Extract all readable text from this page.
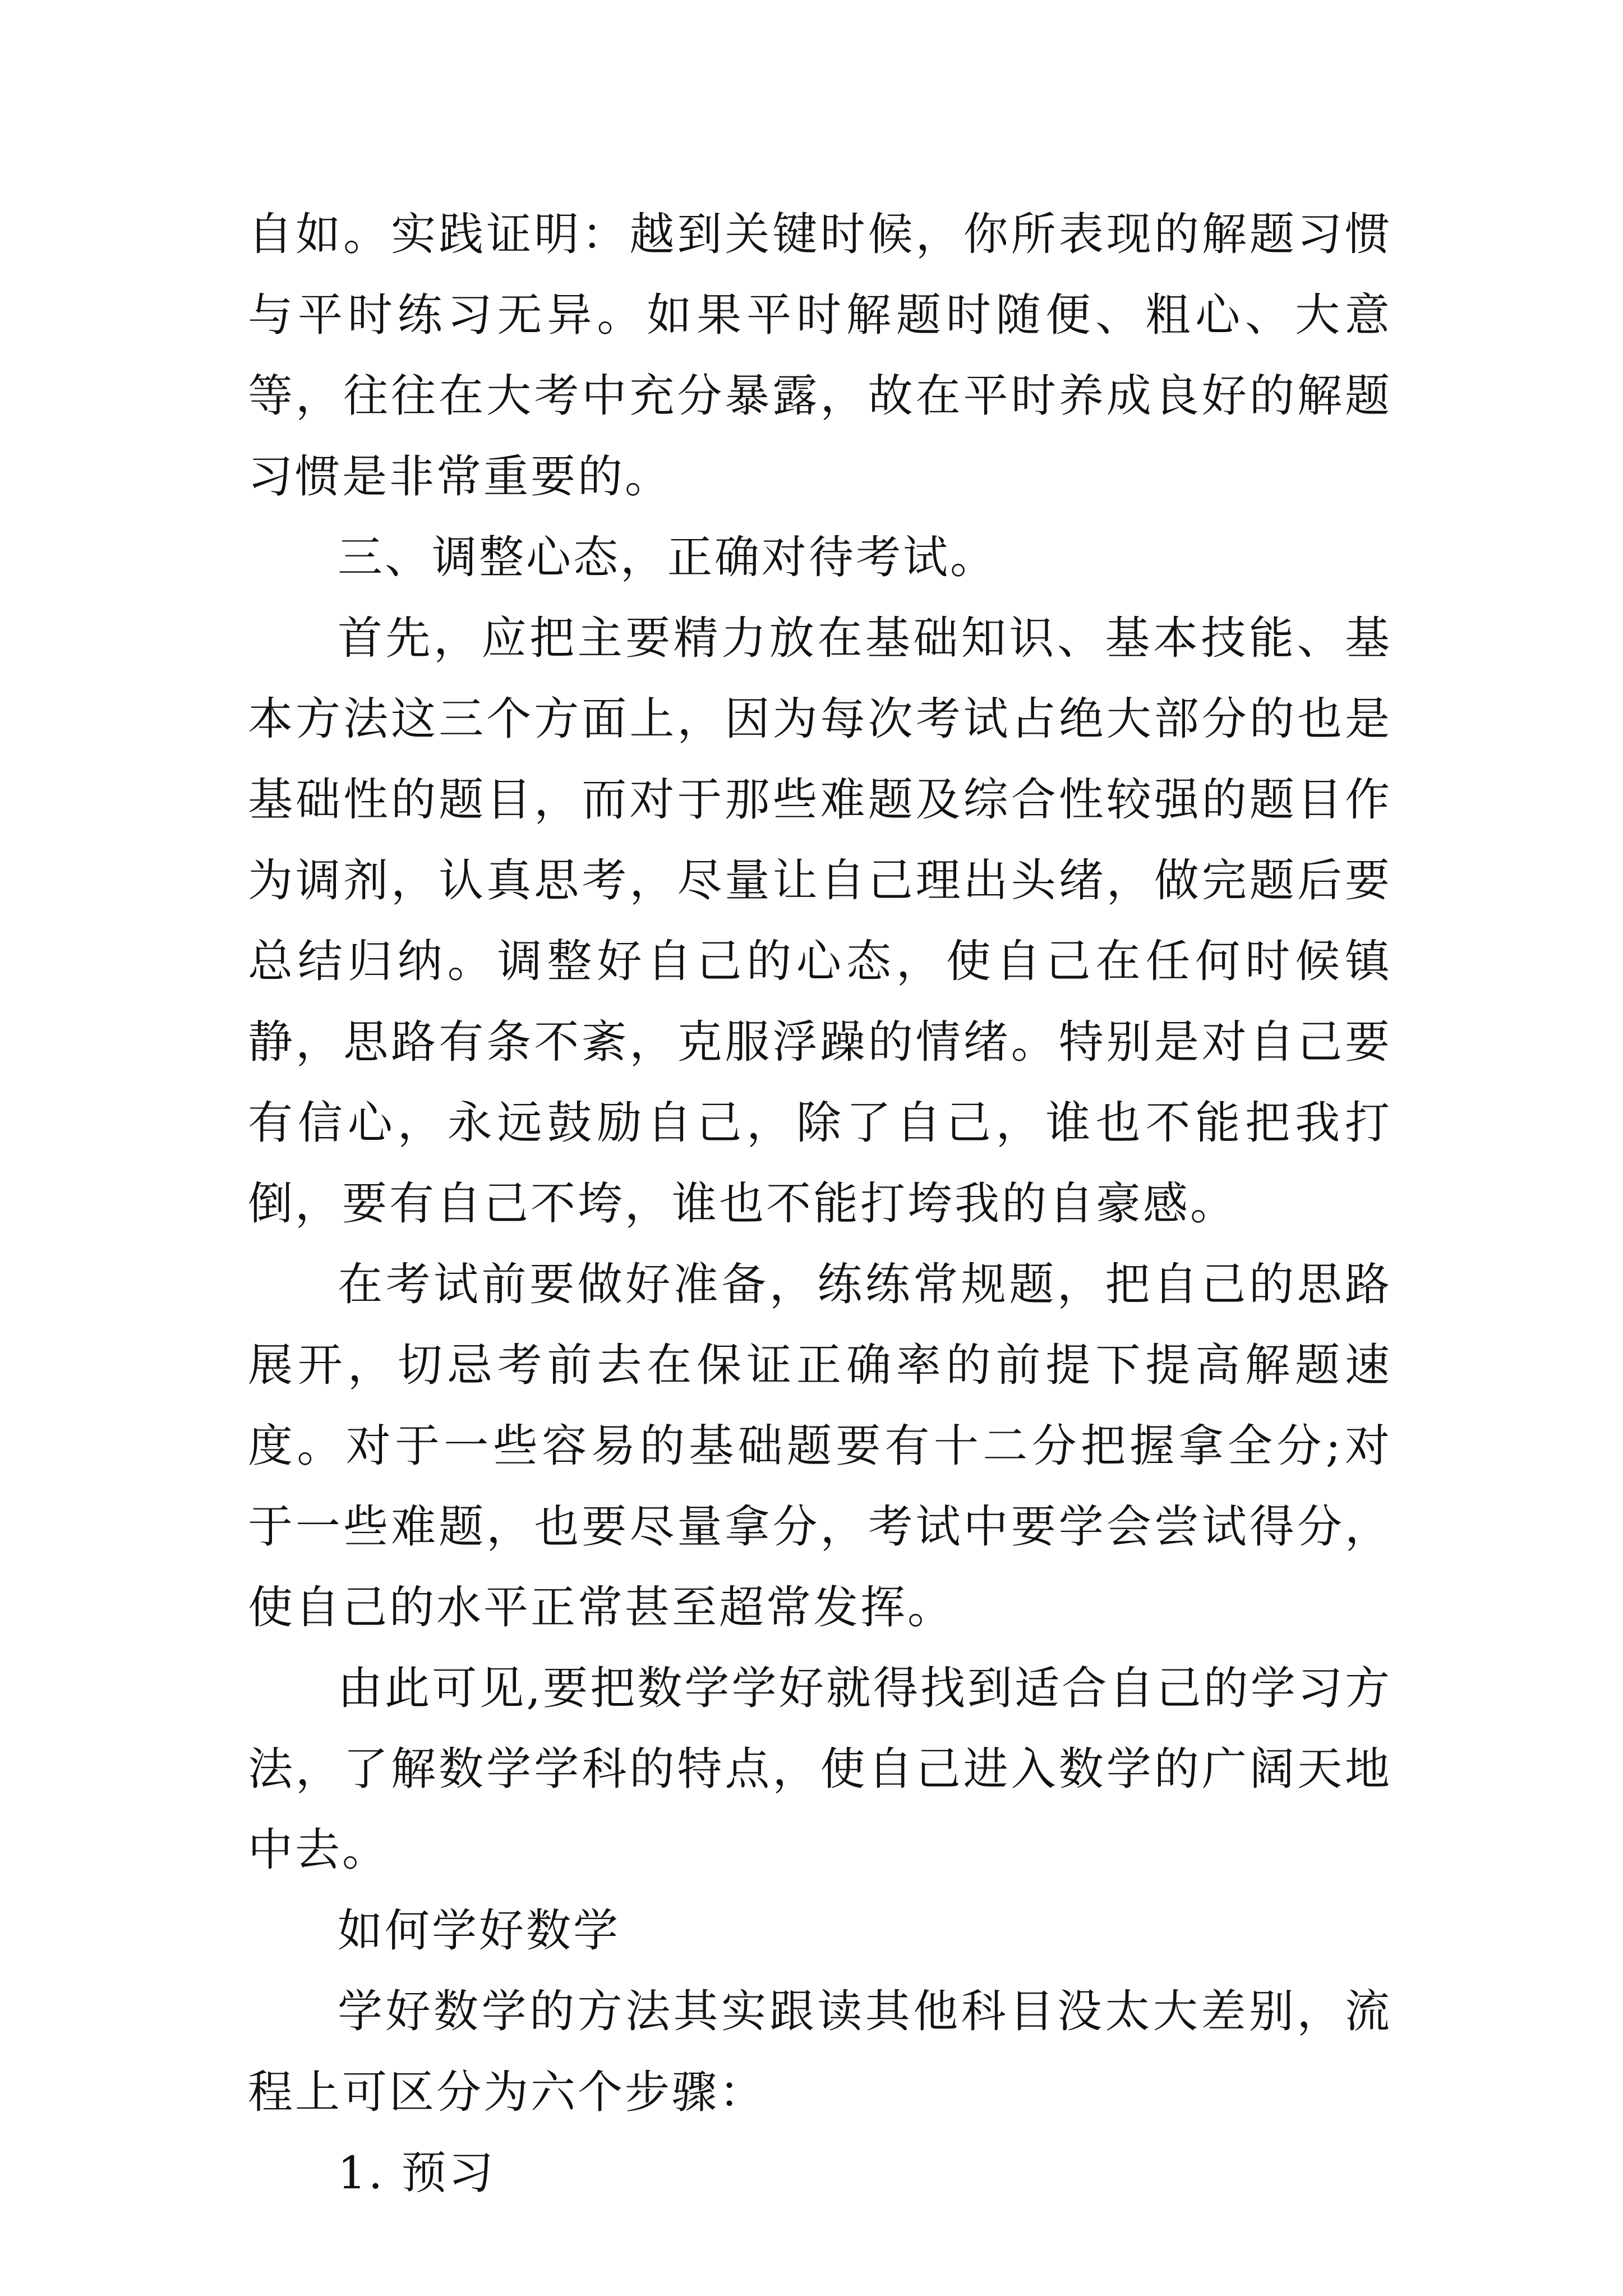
自如。实践证明：越到关键时候，你所表现的解题习惯与平时练习无异。如果平时解题时随便、粗心、大意等，往往在大考中充分暴露，故在平时养成良好的解题习惯是非常重要的。

三、调整心态，正确对待考试。

首先，应把主要精力放在基础知识、基本技能、基本方法这三个方面上，因为每次考试占绝大部分的也是基础性的题目，而对于那些难题及综合性较强的题目作为调剂，认真思考，尽量让自己理出头绪，做完题后要总结归纳。调整好自己的心态，使自己在任何时候镇静，思路有条不紊，克服浮躁的情绪。特别是对自己要有信心，永远鼓励自己，除了自己，谁也不能把我打倒，要有自己不垮，谁也不能打垮我的自豪感。

在考试前要做好准备，练练常规题，把自己的思路展开，切忌考前去在保证正确率的前提下提高解题速度。对于一些容易的基础题要有十二分把握拿全分;对于一些难题，也要尽量拿分，考试中要学会尝试得分，使自己的水平正常甚至超常发挥。

由此可见,要把数学学好就得找到适合自己的学习方法，了解数学学科的特点，使自己进入数学的广阔天地中去。

如何学好数学

学好数学的方法其实跟读其他科目没太大差别，流程上可区分为六个步骤：

1. 预习
